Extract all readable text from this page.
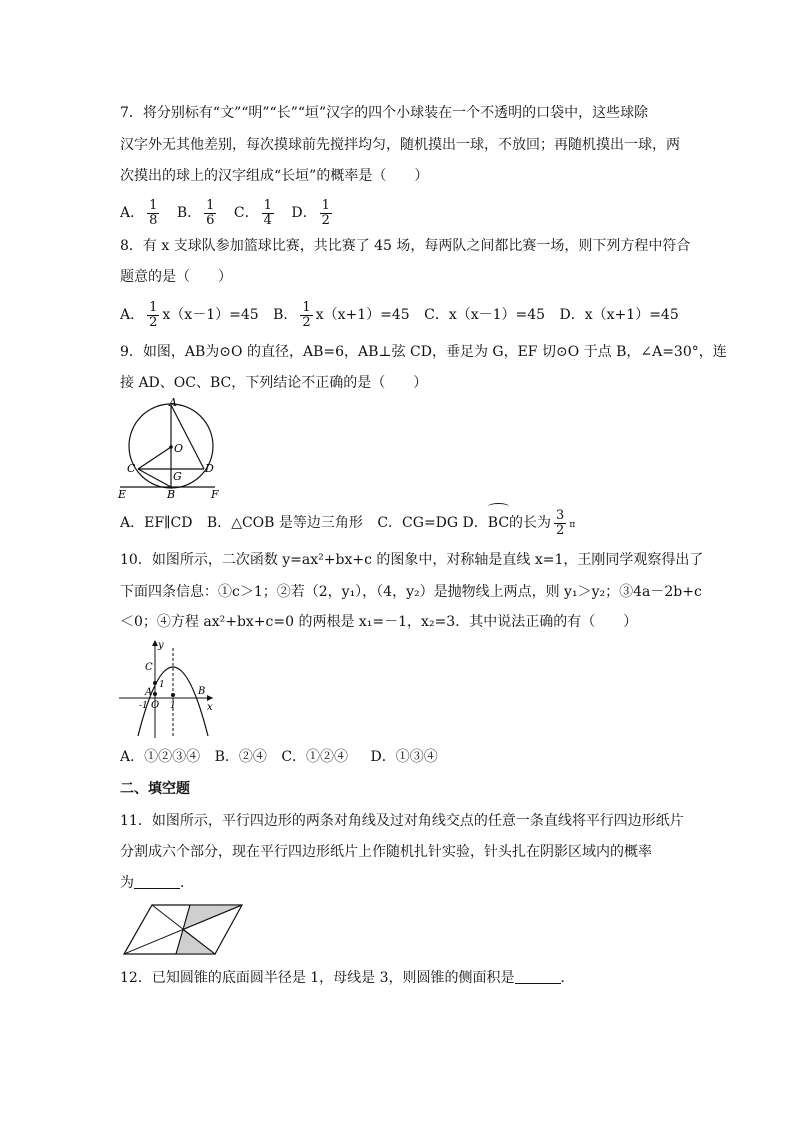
7．将分别标有“文”“明”“长”“垣”汉字的四个小球装在一个不透明的口袋中，这些球除
汉字外无其他差别，每次摸球前先搅拌均匀，随机摸出一球，不放回；再随机摸出一球，两
次摸出的球上的汉字组成“长垣”的概率是（　　）
A． $\frac{1}{8}$ B． $\frac{1}{6}$ C． $\frac{1}{4}$ D． $\frac{1}{2}$
8．有 x 支球队参加篮球比赛，共比赛了 45 场，每两队之间都比赛一场，则下列方程中符合
题意的是（　　）
A． $\frac{1}{2} x(x-1)=45$ B． $\frac{1}{2} x(x+1)=45$ C．x（x－1）=45 D．x（x+1）=45
9．如图，AB为⊙O 的直径，AB=6，AB⊥弦 CD，垂足为 G，EF 切⊙O 于点 B，∠A=30°，连
接 AD、OC、BC，下列结论不正确的是（　　）
A
O
C
G
D
E	B	F
A．EF∥CD B．△COB 是等边三角形 C．CG=DG D．BC的长为 $\frac{3}{2}$ π
10．如图所示，二次函数 y=ax²+bx+c 的图象中，对称轴是直线 x=1，王刚同学观察得出了
下面四条信息：①c＞1；②若（2，y₁），（4，y₂）是抛物线上两点，则 y₁＞y₂；③4a－2b+c
＜0；④方程 ax²+bx+c=0 的两根是 x₁=－1，x₂=3．其中说法正确的有（　　）
y
x
C
1
A
-1 O 1
B
A．①②③④ B．②④ C．①②④ D．①③④
二、填空题
11．如图所示，平行四边形的两条对角线及过对角线交点的任意一条直线将平行四边形纸片
分割成六个部分，现在平行四边形纸片上作随机扎针实验，针头扎在阴影区域内的概率
为	．
12．已知圆锥的底面圆半径是 1，母线是 3，则圆锥的侧面积是	．
